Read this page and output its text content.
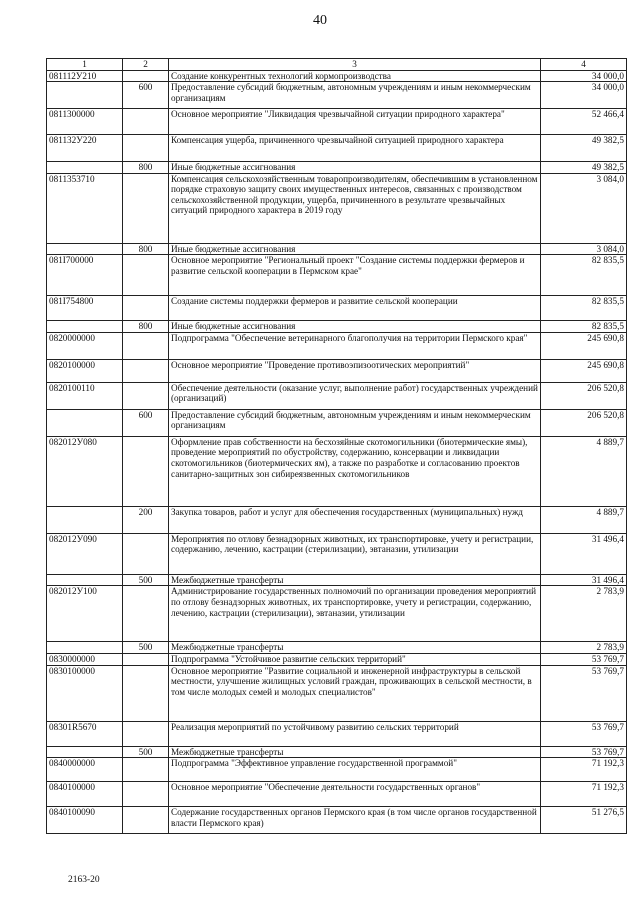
40
1	2	3	4
081112У210		Создание конкурентных технологий кормопроизводства	34 000,0
	600	Предоставление субсидий бюджетным, автономным учреждениям и иным некоммерческим организациям	34 000,0
0811300000		Основное мероприятие "Ликвидация чрезвычайной ситуации природного характера"	52 466,4
081132У220		Компенсация ущерба, причиненного чрезвычайной ситуацией природного характера	49 382,5
	800	Иные бюджетные ассигнования	49 382,5
0811353710		Компенсация сельскохозяйственным товаропроизводителям, обеспечившим в установленном порядке страховую защиту своих имущественных интересов, связанных с производством сельскохозяйственной продукции, ущерба, причиненного в результате чрезвычайных ситуаций природного характера в 2019 году	3 084,0
	800	Иные бюджетные ассигнования	3 084,0
081I700000		Основное мероприятие "Региональный проект "Создание системы поддержки фермеров и развитие сельской кооперации в Пермском крае"	82 835,5
081I754800		Создание системы поддержки фермеров и развитие сельской кооперации	82 835,5
	800	Иные бюджетные ассигнования	82 835,5
0820000000		Подпрограмма "Обеспечение ветеринарного благополучия на территории Пермского края"	245 690,8
0820100000		Основное мероприятие "Проведение противоэпизоотических мероприятий"	245 690,8
0820100110		Обеспечение деятельности (оказание услуг, выполнение работ) государственных учреждений (организаций)	206 520,8
	600	Предоставление субсидий бюджетным, автономным учреждениям и иным некоммерческим организациям	206 520,8
082012У080		Оформление прав собственности на бесхозяйные скотомогильники (биотермические ямы), проведение мероприятий по обустройству, содержанию, консервации и ликвидации скотомогильников (биотермических ям), а также по разработке и согласованию проектов санитарно-защитных зон сибиреязвенных скотомогильников	4 889,7
	200	Закупка товаров, работ и услуг для обеспечения государственных (муниципальных) нужд	4 889,7
082012У090		Мероприятия по отлову безнадзорных животных, их транспортировке, учету и регистрации, содержанию, лечению, кастрации (стерилизации), эвтаназии, утилизации	31 496,4
	500	Межбюджетные трансферты	31 496,4
082012У100		Администрирование государственных полномочий по организации проведения мероприятий по отлову безнадзорных животных, их транспортировке, учету и регистрации, содержанию, лечению, кастрации (стерилизации), эвтаназии, утилизации	2 783,9
	500	Межбюджетные трансферты	2 783,9
0830000000		Подпрограмма "Устойчивое развитие сельских территорий"	53 769,7
0830100000		Основное мероприятие "Развитие социальной и инженерной инфраструктуры в сельской местности, улучшение жилищных условий граждан, проживающих в сельской местности, в том числе молодых семей и молодых специалистов"	53 769,7
08301R5670		Реализация мероприятий по устойчивому развитию сельских территорий	53 769,7
	500	Межбюджетные трансферты	53 769,7
0840000000		Подпрограмма "Эффективное управление государственной программой"	71 192,3
0840100000		Основное мероприятие "Обеспечение деятельности государственных органов"	71 192,3
0840100090		Содержание государственных органов Пермского края (в том числе органов государственной власти Пермского края)	51 276,5
2163-20
